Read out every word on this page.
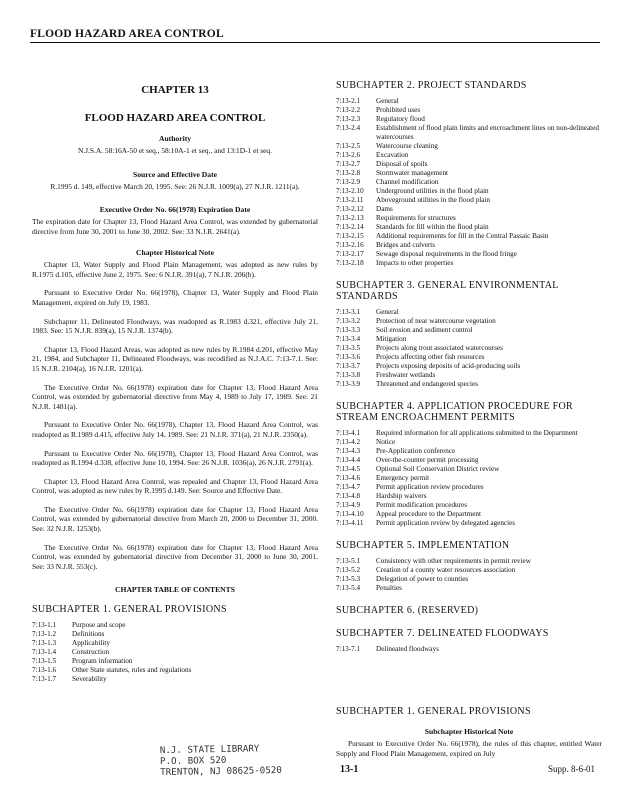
FLOOD HAZARD AREA CONTROL
CHAPTER 13
FLOOD HAZARD AREA CONTROL
Authority
N.J.S.A. 58:16A-50 et seq., 58:10A-1 et seq., and 13:1D-1 et seq.
Source and Effective Date
R.1995 d. 149, effective March 20, 1995. See: 26 N.J.R. 1009(a), 27 N.J.R. 1211(a).
Executive Order No. 66(1978) Expiration Date

The expiration date for Chapter 13, Flood Hazard Area Control, was extended by gubernatorial directive from June 30, 2001 to June 30, 2002. See: 33 N.J.R. 2641(a).

Chapter Historical Note

Chapter 13, Water Supply and Flood Plain Management, was adopted as new rules by R.1975 d.105, effective June 2, 1975. See: 6 N.J.R. 391(a), 7 N.J.R. 206(b).

Pursuant to Executive Order No. 66(1978), Chapter 13, Water Supply and Flood Plain Management, expired on July 19, 1983.

Subchapter 11, Delineated Floodways, was readopted as R.1983 d.321, effective July 21, 1983. See: 15 N.J.R. 839(a), 15 N.J.R. 1374(b).

Chapter 13, Flood Hazard Areas, was adopted as new rules by R.1984 d.201, effective May 21, 1984, and Subchapter 11, Delineated Floodways, was recodified as N.J.A.C. 7:13-7.1. See: 15 N.J.R. 2104(a), 16 N.J.R. 1201(a).

The Executive Order No. 66(1978) expiration date for Chapter 13, Flood Hazard Area Control, was extended by gubernatorial directive from May 4, 1989 to July 17, 1989. See: 21 N.J.R. 1481(a).

Pursuant to Executive Order No. 66(1978), Chapter 13, Flood Hazard Area Control, was readopted as R.1989 d.415, effective July 14, 1989. See: 21 N.J.R. 371(a), 21 N.J.R. 2350(a).

Pursuant to Executive Order No. 66(1978), Chapter 13, Flood Hazard Area Control, was readopted as R.1994 d.338, effective June 10, 1994. See: 26 N.J.R. 1036(a), 26 N.J.R. 2791(a).

Chapter 13, Flood Hazard Area Control, was repealed and Chapter 13, Flood Hazard Area Control, was adopted as new rules by R.1995 d.149. See: Source and Effective Date.

The Executive Order No. 66(1978) expiration date for Chapter 13, Flood Hazard Area Control, was extended by gubernatorial directive from March 20, 2000 to December 31, 2000. See: 32 N.J.R. 1253(b).

The Executive Order No. 66(1978) expiration date for Chapter 13, Flood Hazard Area Control, was extended by gubernatorial directive from December 31, 2000 to June 30, 2001. See: 33 N.J.R. 553(c).

CHAPTER TABLE OF CONTENTS
SUBCHAPTER 1. GENERAL PROVISIONS
7:13-1.1	Purpose and scope
7:13-1.2	Definitions
7:13-1.3	Applicability
7:13-1.4	Construction
7:13-1.5	Program information
7:13-1.6	Other State statutes, rules and regulations
7:13-1.7	Severability
SUBCHAPTER 2. PROJECT STANDARDS
7:13-2.1	General
7:13-2.2	Prohibited uses
7:13-2.3	Regulatory flood
7:13-2.4	Establishment of flood plain limits and encroachment lines on non-delineated watercourses
7:13-2.5	Watercourse cleaning
7:13-2.6	Excavation
7:13-2.7	Disposal of spoils
7:13-2.8	Stormwater management
7:13-2.9	Channel modification
7:13-2.10	Underground utilities in the flood plain
7:13-2.11	Aboveground utilities in the flood plain
7:13-2.12	Dams
7:13-2.13	Requirements for structures
7:13-2.14	Standards for fill within the flood plain
7:13-2.15	Additional requirements for fill in the Central Passaic Basin
7:13-2.16	Bridges and culverts
7:13-2.17	Sewage disposal requirements in the flood fringe
7:13-2.18	Impacts to other properties
SUBCHAPTER 3. GENERAL ENVIRONMENTAL STANDARDS
7:13-3.1	General
7:13-3.2	Protection of near watercourse vegetation
7:13-3.3	Soil erosion and sediment control
7:13-3.4	Mitigation
7:13-3.5	Projects along trout associated watercourses
7:13-3.6	Projects affecting other fish resources
7:13-3.7	Projects exposing deposits of acid-producing soils
7:13-3.8	Freshwater wetlands
7:13-3.9	Threatened and endangered species
SUBCHAPTER 4. APPLICATION PROCEDURE FOR STREAM ENCROACHMENT PERMITS
7:13-4.1	Required information for all applications submitted to the Department
7:13-4.2	Notice
7:13-4.3	Pre-Application conference
7:13-4.4	Over-the-counter permit processing
7:13-4.5	Optional Soil Conservation District review
7:13-4.6	Emergency permit
7:13-4.7	Permit application review procedures
7:13-4.8	Hardship waivers
7:13-4.9	Permit modification procedures
7:13-4.10	Appeal procedure to the Department
7:13-4.11	Permit application review by delegated agencies
SUBCHAPTER 5. IMPLEMENTATION
7:13-5.1	Consistency with other requirements in permit review
7:13-5.2	Creation of a county water resources association
7:13-5.3	Delegation of power to counties
7:13-5.4	Penalties
SUBCHAPTER 6. (RESERVED)
SUBCHAPTER 7. DELINEATED FLOODWAYS
7:13-7.1	Delineated floodways
SUBCHAPTER 1. GENERAL PROVISIONS
Subchapter Historical Note

Pursuant to Executive Order No. 66(1978), the rules of this chapter, entitled Water Supply and Flood Plain Management, expired on July

N.J. STATE LIBRARY
P.O. BOX 520
TRENTON, NJ 08625-0520	13-1	Supp. 8-6-01
